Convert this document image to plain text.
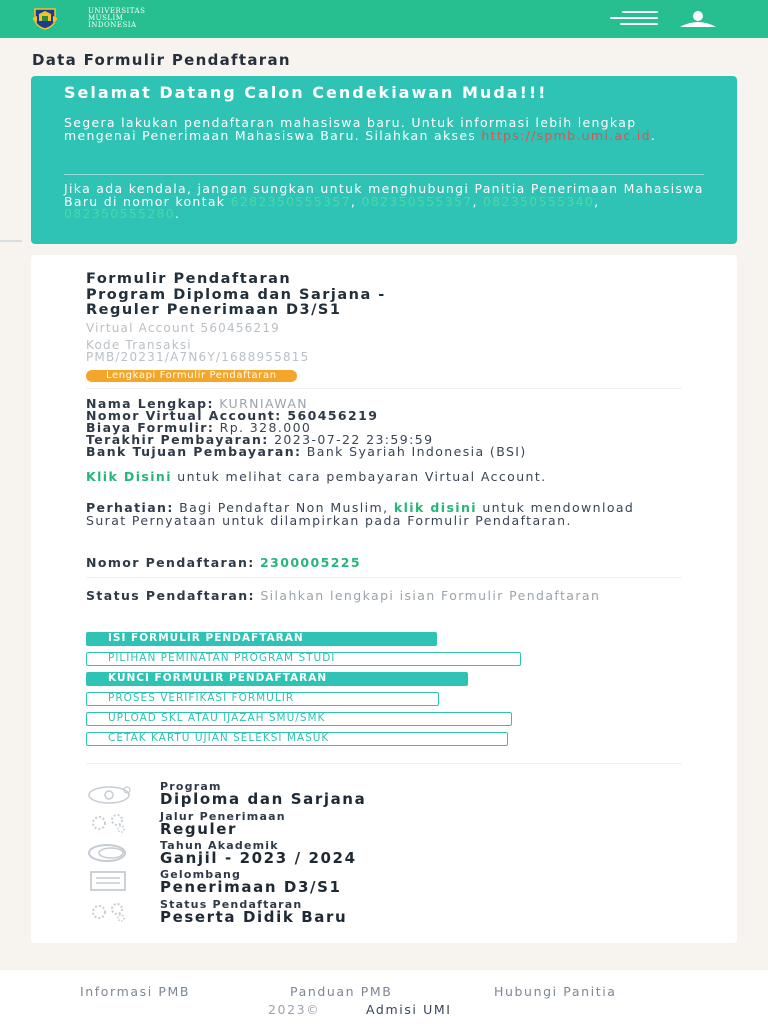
UNIVERSITAS
MUSLIM
INDONESIA
Data Formulir Pendaftaran
Selamat Datang Calon Cendekiawan Muda!!!

Segera lakukan pendaftaran mahasiswa baru. Untuk informasi lebih lengkap mengenai Penerimaan Mahasiswa Baru. Silahkan akses https://spmb.umi.ac.id.

Jika ada kendala, jangan sungkan untuk menghubungi Panitia Penerimaan Mahasiswa Baru di nomor kontak 6282350555357, 082350555357, 082350555340, 082350555280.

Formulir Pendaftaran
Program Diploma dan Sarjana -
Reguler Penerimaan D3/S1
Virtual Account 560456219
Kode Transaksi
PMB/20231/A7N6Y/1688955815
Lengkapi Formulir Pendaftaran
Nama Lengkap: KURNIAWAN
Nomor Virtual Account: 560456219
Biaya Formulir: Rp. 328.000
Terakhir Pembayaran: 2023-07-22 23:59:59
Bank Tujuan Pembayaran: Bank Syariah Indonesia (BSI)
Klik Disini untuk melihat cara pembayaran Virtual Account.
Perhatian: Bagi Pendaftar Non Muslim, klik disini untuk mendownload Surat Pernyataan untuk dilampirkan pada Formulir Pendaftaran.
Nomor Pendaftaran: 2300005225
Status Pendaftaran: Silahkan lengkapi isian Formulir Pendaftaran
ISI FORMULIR PENDAFTARAN
PILIHAN PEMINATAN PROGRAM STUDI
KUNCI FORMULIR PENDAFTARAN
PROSES VERIFIKASI FORMULIR
UPLOAD SKL ATAU IJAZAH SMU/SMK
CETAK KARTU UJIAN SELEKSI MASUK
Program
Diploma dan Sarjana
Jalur Penerimaan
Reguler
Tahun Akademik
Ganjil - 2023 / 2024
Gelombang
Penerimaan D3/S1
Status Pendaftaran
Peserta Didik Baru
Informasi PMB	Panduan PMB	Hubungi Panitia
2023©	Admisi UMI
